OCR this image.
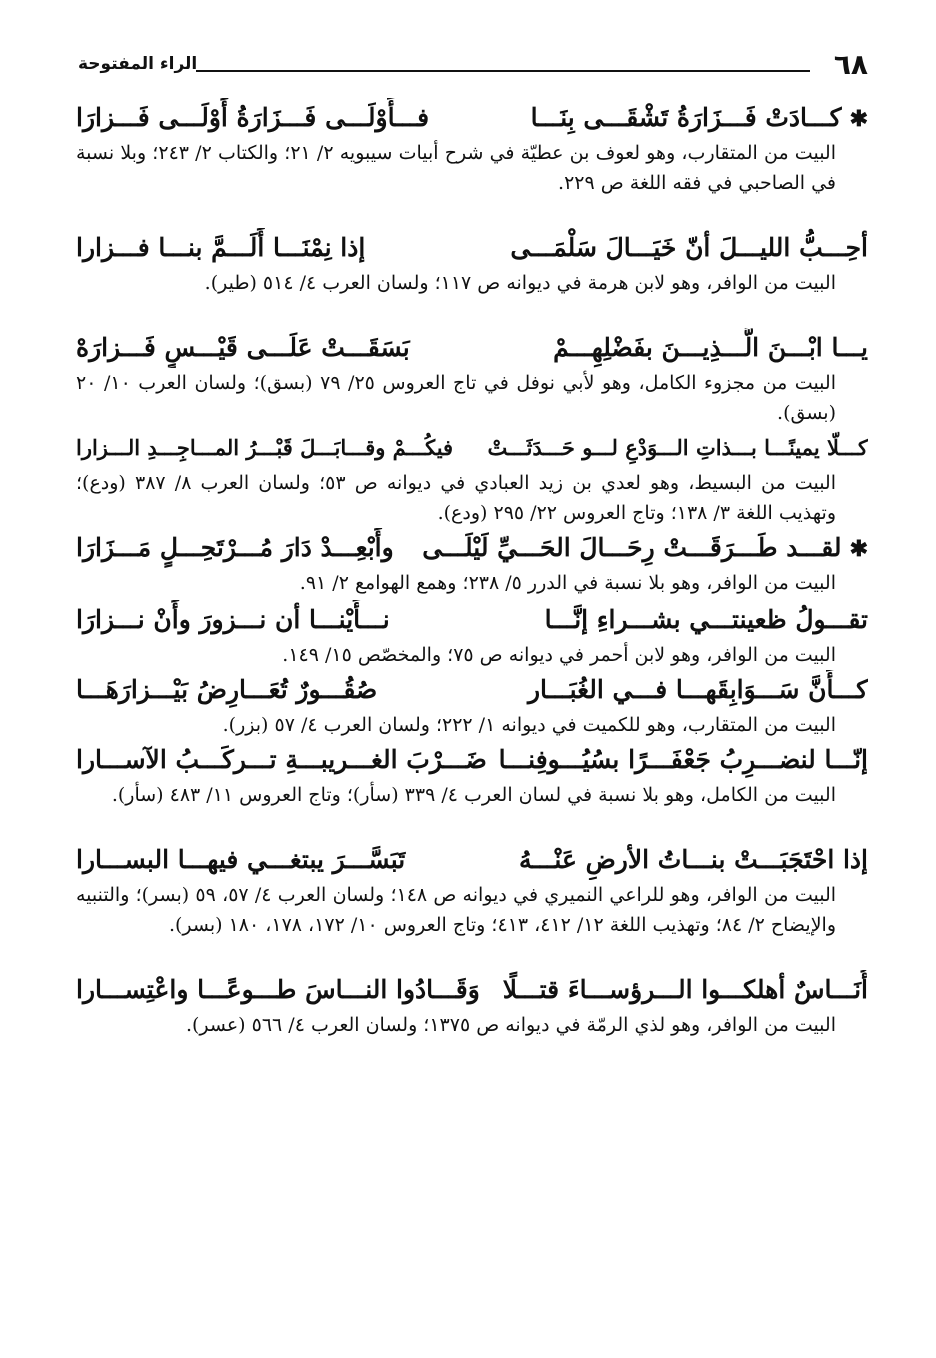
٦٨
الراء المفتوحة
✱
كـــادَتْ فَـــزَارَةُ تَشْقَـــى بِنَـــا
فـــأَوْلَـــى فَـــزَارَةُ أَوْلَـــى فَـــزارَا

البيت من المتقارب، وهو لعوف بن عطيّة في شرح أبيات سيبويه ٢/ ٢١؛ والكتاب ٢/ ٢٤٣؛ وبلا نسبة في الصاحبي في فقه اللغة ص ٢٢٩.

أحِـــبُّ الليـــلَ أنّ خَيَـــالَ سَلْمَـــى
إذا نِمْنَـــا أَلَـــمَّ بنـــا فـــزارا

البيت من الوافر، وهو لابن هرمة في ديوانه ص ١١٧؛ ولسان العرب ٤/ ٥١٤ (طير).

يـــا ابْـــنَ الَّـــذِيـــنَ بفَضْلِهِـــمْ
بَسَقَـــتْ عَلَـــى قَيْـــسٍ فَـــزارَهْ

البيت من مجزوء الكامل، وهو لأبي نوفل في تاج العروس ٢٥/ ٧٩ (بسق)؛ ولسان العرب ١٠/ ٢٠ (بسق).

كـــلّا يمينًـــا بـــذاتِ الـــوَدْعِ لـــو حَـــدَثَـــتْ
فيكُـــمْ وقـــابَـــلَ قَبْـــرُ المـــاجِـــدِ الـــزارا

البيت من البسيط، وهو لعدي بن زيد العبادي في ديوانه ص ٥٣؛ ولسان العرب ٨/ ٣٨٧ (ودع)؛ وتهذيب اللغة ٣/ ١٣٨؛ وتاج العروس ٢٢/ ٢٩٥ (ودع).

✱
لقـــد طَـــرَقَـــتْ رِحَـــالَ الحَـــيِّ لَيْلَـــى
وأَبْعِـــدْ دَارَ مُـــرْتَحِـــلٍ مَـــزَارَا

البيت من الوافر، وهو بلا نسبة في الدرر ٥/ ٢٣٨؛ وهمع الهوامع ٢/ ٩١.

تقـــولُ ظعينتـــي بشـــراءِ إنَّـــا
نـــأَيْنـــا أن نـــزورَ وأَنْ نـــزارَا

البيت من الوافر، وهو لابن أحمر في ديوانه ص ٧٥؛ والمخصّص ١٥/ ١٤٩.

كـــأَنَّ سَـــوَابِقَهـــا فـــي الغُبَـــار
صُقُـــورٌ تُعَـــارِضُ بَيْـــزارَهَـــا

البيت من المتقارب، وهو للكميت في ديوانه ١/ ٢٢٢؛ ولسان العرب ٤/ ٥٧ (بزر).

إنّـــا لنضـــرِبُ جَعْفَـــرًا بسُيُـــوفِنـــا
ضَـــرْبَ الغـــريبـــةِ تـــركَـــبُ الآســـارا

البيت من الكامل، وهو بلا نسبة في لسان العرب ٤/ ٣٣٩ (سأر)؛ وتاج العروس ١١/ ٤٨٣ (سأر).

إذا احْتَجَبَـــتْ بنـــاتُ الأرضِ عَنْـــهُ
تَبَسَّـــرَ يبتغـــي فيهـــا البســـارا

البيت من الوافر، وهو للراعي النميري في ديوانه ص ١٤٨؛ ولسان العرب ٤/ ٥٧، ٥٩ (بسر)؛ والتنبيه والإيضاح ٢/ ٨٤؛ وتهذيب اللغة ١٢/ ٤١٢، ٤١٣؛ وتاج العروس ١٠/ ١٧٢، ١٧٨، ١٨٠ (بسر).

أُنَـــاسٌ أهلكـــوا الـــرؤســـاءَ قتـــلًا
وَقَـــادُوا النـــاسَ طـــوعًـــا واعْتِســـارا

البيت من الوافر، وهو لذي الرمّة في ديوانه ص ١٣٧٥؛ ولسان العرب ٤/ ٥٦٦ (عسر).
